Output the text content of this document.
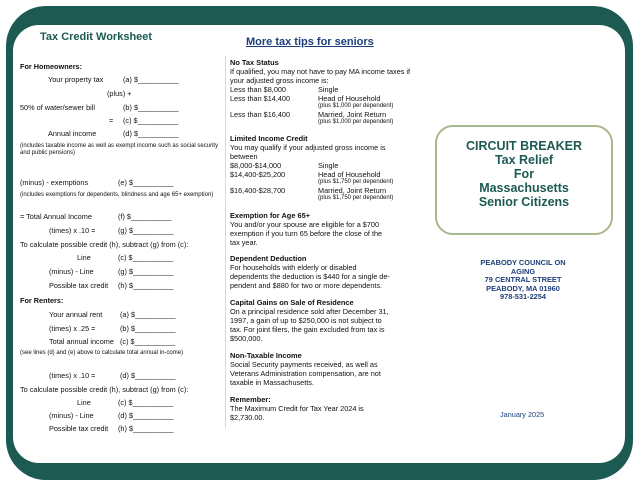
Tax Credit Worksheet
For Homeowners:
Your property tax	(a) $__________
(plus) +
50% of water/sewer bill	(b) $__________
= (c) $__________
Annual income	(d) $__________
(includes taxable income as well as exempt income such as social security and public pensions)
(minus) - exemptions	(e) $__________
(includes exemptions for dependents, blindness and age 65+ exemption)
= Total Annual Income	(f) $__________
(times) x .10 =	(g) $__________
To calculate possible credit (h), subtract (g) from (c):
Line	(c) $__________
(minus) - Line	(g) $__________
Possible tax credit (h) $__________
For Renters:
Your annual rent (a) $__________
(times) x .25 =	(b) $__________
Total annual income (c) $__________
(see lines (d) and (e) above to calculate total annual in-come)
(times) x .10 =	(d) $__________
To calculate possible credit (h), subtract (g) from (c):
Line	(c) $__________
(minus) - Line	(d) $__________
Possible tax credit (h) $__________
More tax tips for seniors
No Tax Status
If qualified, you may not have to pay MA income taxes if your adjusted gross income is:
Less than $8,000	Single
Less than $14,400	Head of Household
(plus $1,000 per dependent)
Less than $16,400	Married, Joint Return
(plus $1,000 per dependent)
Limited Income Credit
You may qualify if your adjusted gross income is between
$8,000-$14,000	Single
$14,400-$25,200	Head of Household
(plus $1,750 per dependent)
$16,400-$28,700	Married, Joint Return
(plus $1,750 per dependent)
Exemption for Age 65+
You and/or your spouse are eligible for a $700
exemption if you turn 65 before the close of the
tax year.
Dependent Deduction
For households with elderly or disabled
dependents the deduction is $440 for a single de-
pendent and $880 for two or more dependents.
Capital Gains on Sale of Residence
On a principal residence sold after December 31,
1997, a gain of up to $250,000 is not subject to
tax. For joint filers, the gain excluded from tax is
$500,000.
Non-Taxable Income
Social Security payments received, as well as
Veterans Administration compensation, are not
taxable in Massachusetts.
Remember:
The Maximum Credit for Tax Year 2024 is
$2,730.00.
CIRCUIT BREAKER
Tax Relief
For
Massachusetts
Senior Citizens
PEABODY COUNCIL ON
AGING
79 CENTRAL STREET
PEABODY, MA 01960
978-531-2254
January 2025
